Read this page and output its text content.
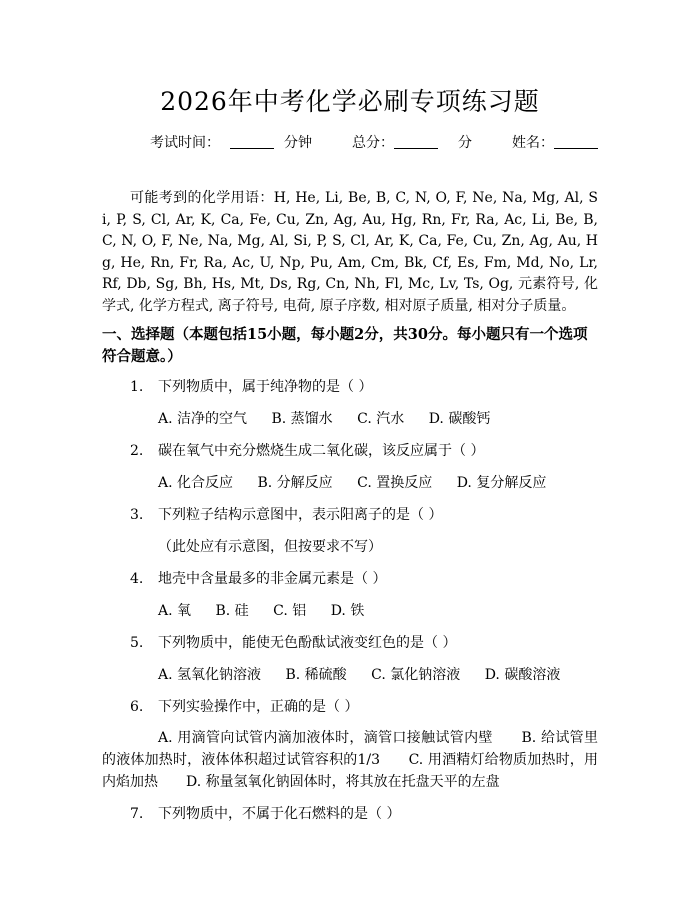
2026年中考化学必刷专项练习题
考试时间：	分钟	总分：	分	姓名：
可能考到的化学用语：H, He, Li, Be, B, C, N, O, F, Ne, Na, Mg, Al, Si, P, S, Cl, Ar, K, Ca, Fe, Cu, Zn, Ag, Au, Hg, Rn, Fr, Ra, Ac, Li, Be, B, C, N, O, F, Ne, Na, Mg, Al, Si, P, S, Cl, Ar, K, Ca, Fe, Cu, Zn, Ag, Au, Hg, He, Rn, Fr, Ra, Ac, U, Np, Pu, Am, Cm, Bk, Cf, Es, Fm, Md, No, Lr, Rf, Db, Sg, Bh, Hs, Mt, Ds, Rg, Cn, Nh, Fl, Mc, Lv, Ts, Og, 元素符号, 化学式, 化学方程式, 离子符号, 电荷, 原子序数, 相对原子质量, 相对分子质量。
一、选择题（本题包括15小题，每小题2分，共30分。每小题只有一个选项符合题意。）
1. 下列物质中，属于纯净物的是（ ）
A. 洁净的空气 B. 蒸馏水 C. 汽水 D. 碳酸钙
2. 碳在氧气中充分燃烧生成二氧化碳，该反应属于（ ）
A. 化合反应 B. 分解反应 C. 置换反应 D. 复分解反应
3. 下列粒子结构示意图中，表示阳离子的是（ ）
（此处应有示意图，但按要求不写）
4. 地壳中含量最多的非金属元素是（ ）
A. 氧 B. 硅 C. 铝 D. 铁
5. 下列物质中，能使无色酚酞试液变红色的是（ ）
A. 氢氧化钠溶液 B. 稀硫酸 C. 氯化钠溶液 D. 碳酸溶液
6. 下列实验操作中，正确的是（ ）
A. 用滴管向试管内滴加液体时，滴管口接触试管内壁　　B. 给试管里的液体加热时，液体体积超过试管容积的1/3　　C. 用酒精灯给物质加热时，用内焰加热　　D. 称量氢氧化钠固体时，将其放在托盘天平的左盘
7. 下列物质中，不属于化石燃料的是（ ）
